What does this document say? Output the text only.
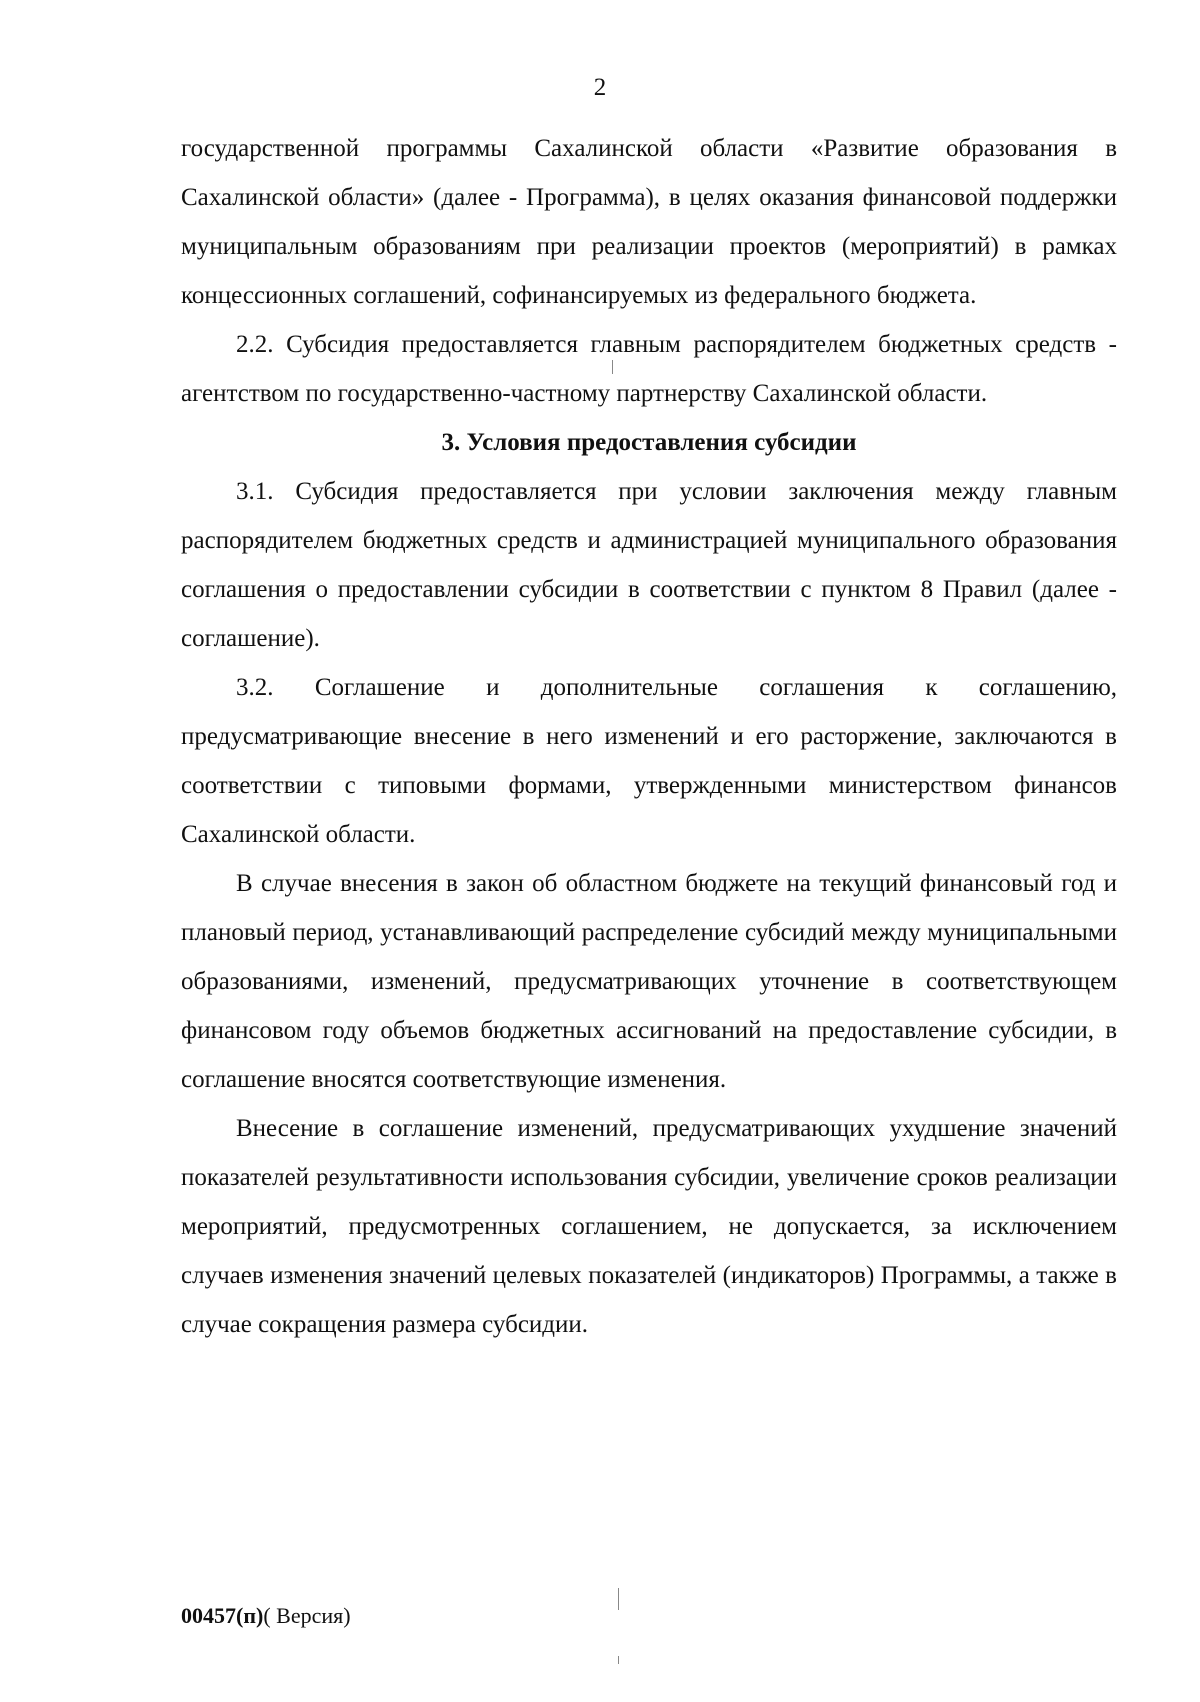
2

государственной программы Сахалинской области «Развитие образования в Сахалинской области» (далее - Программа), в целях оказания финансовой поддержки муниципальным образованиям при реализации проектов (мероприятий) в рамках концессионных соглашений, софинансируемых из федерального бюджета.

2.2. Субсидия предоставляется главным распорядителем бюджетных средств - агентством по государственно-частному партнерству Сахалинской области.

3. Условия предоставления субсидии

3.1. Субсидия предоставляется при условии заключения между главным распорядителем бюджетных средств и администрацией муниципального образования соглашения о предоставлении субсидии в соответствии с пунктом 8 Правил (далее - соглашение).

3.2. Соглашение и дополнительные соглашения к соглашению, предусматривающие внесение в него изменений и его расторжение, заключаются в соответствии с типовыми формами, утвержденными министерством финансов Сахалинской области.

В случае внесения в закон об областном бюджете на текущий финансовый год и плановый период, устанавливающий распределение субсидий между муниципальными образованиями, изменений, предусматривающих уточнение в соответствующем финансовом году объемов бюджетных ассигнований на предоставление субсидии, в соглашение вносятся соответствующие изменения.

Внесение в соглашение изменений, предусматривающих ухудшение значений показателей результативности использования субсидии, увеличение сроков реализации мероприятий, предусмотренных соглашением, не допускается, за исключением случаев изменения значений целевых показателей (индикаторов) Программы, а также в случае сокращения размера субсидии.

00457(п)( Версия)
